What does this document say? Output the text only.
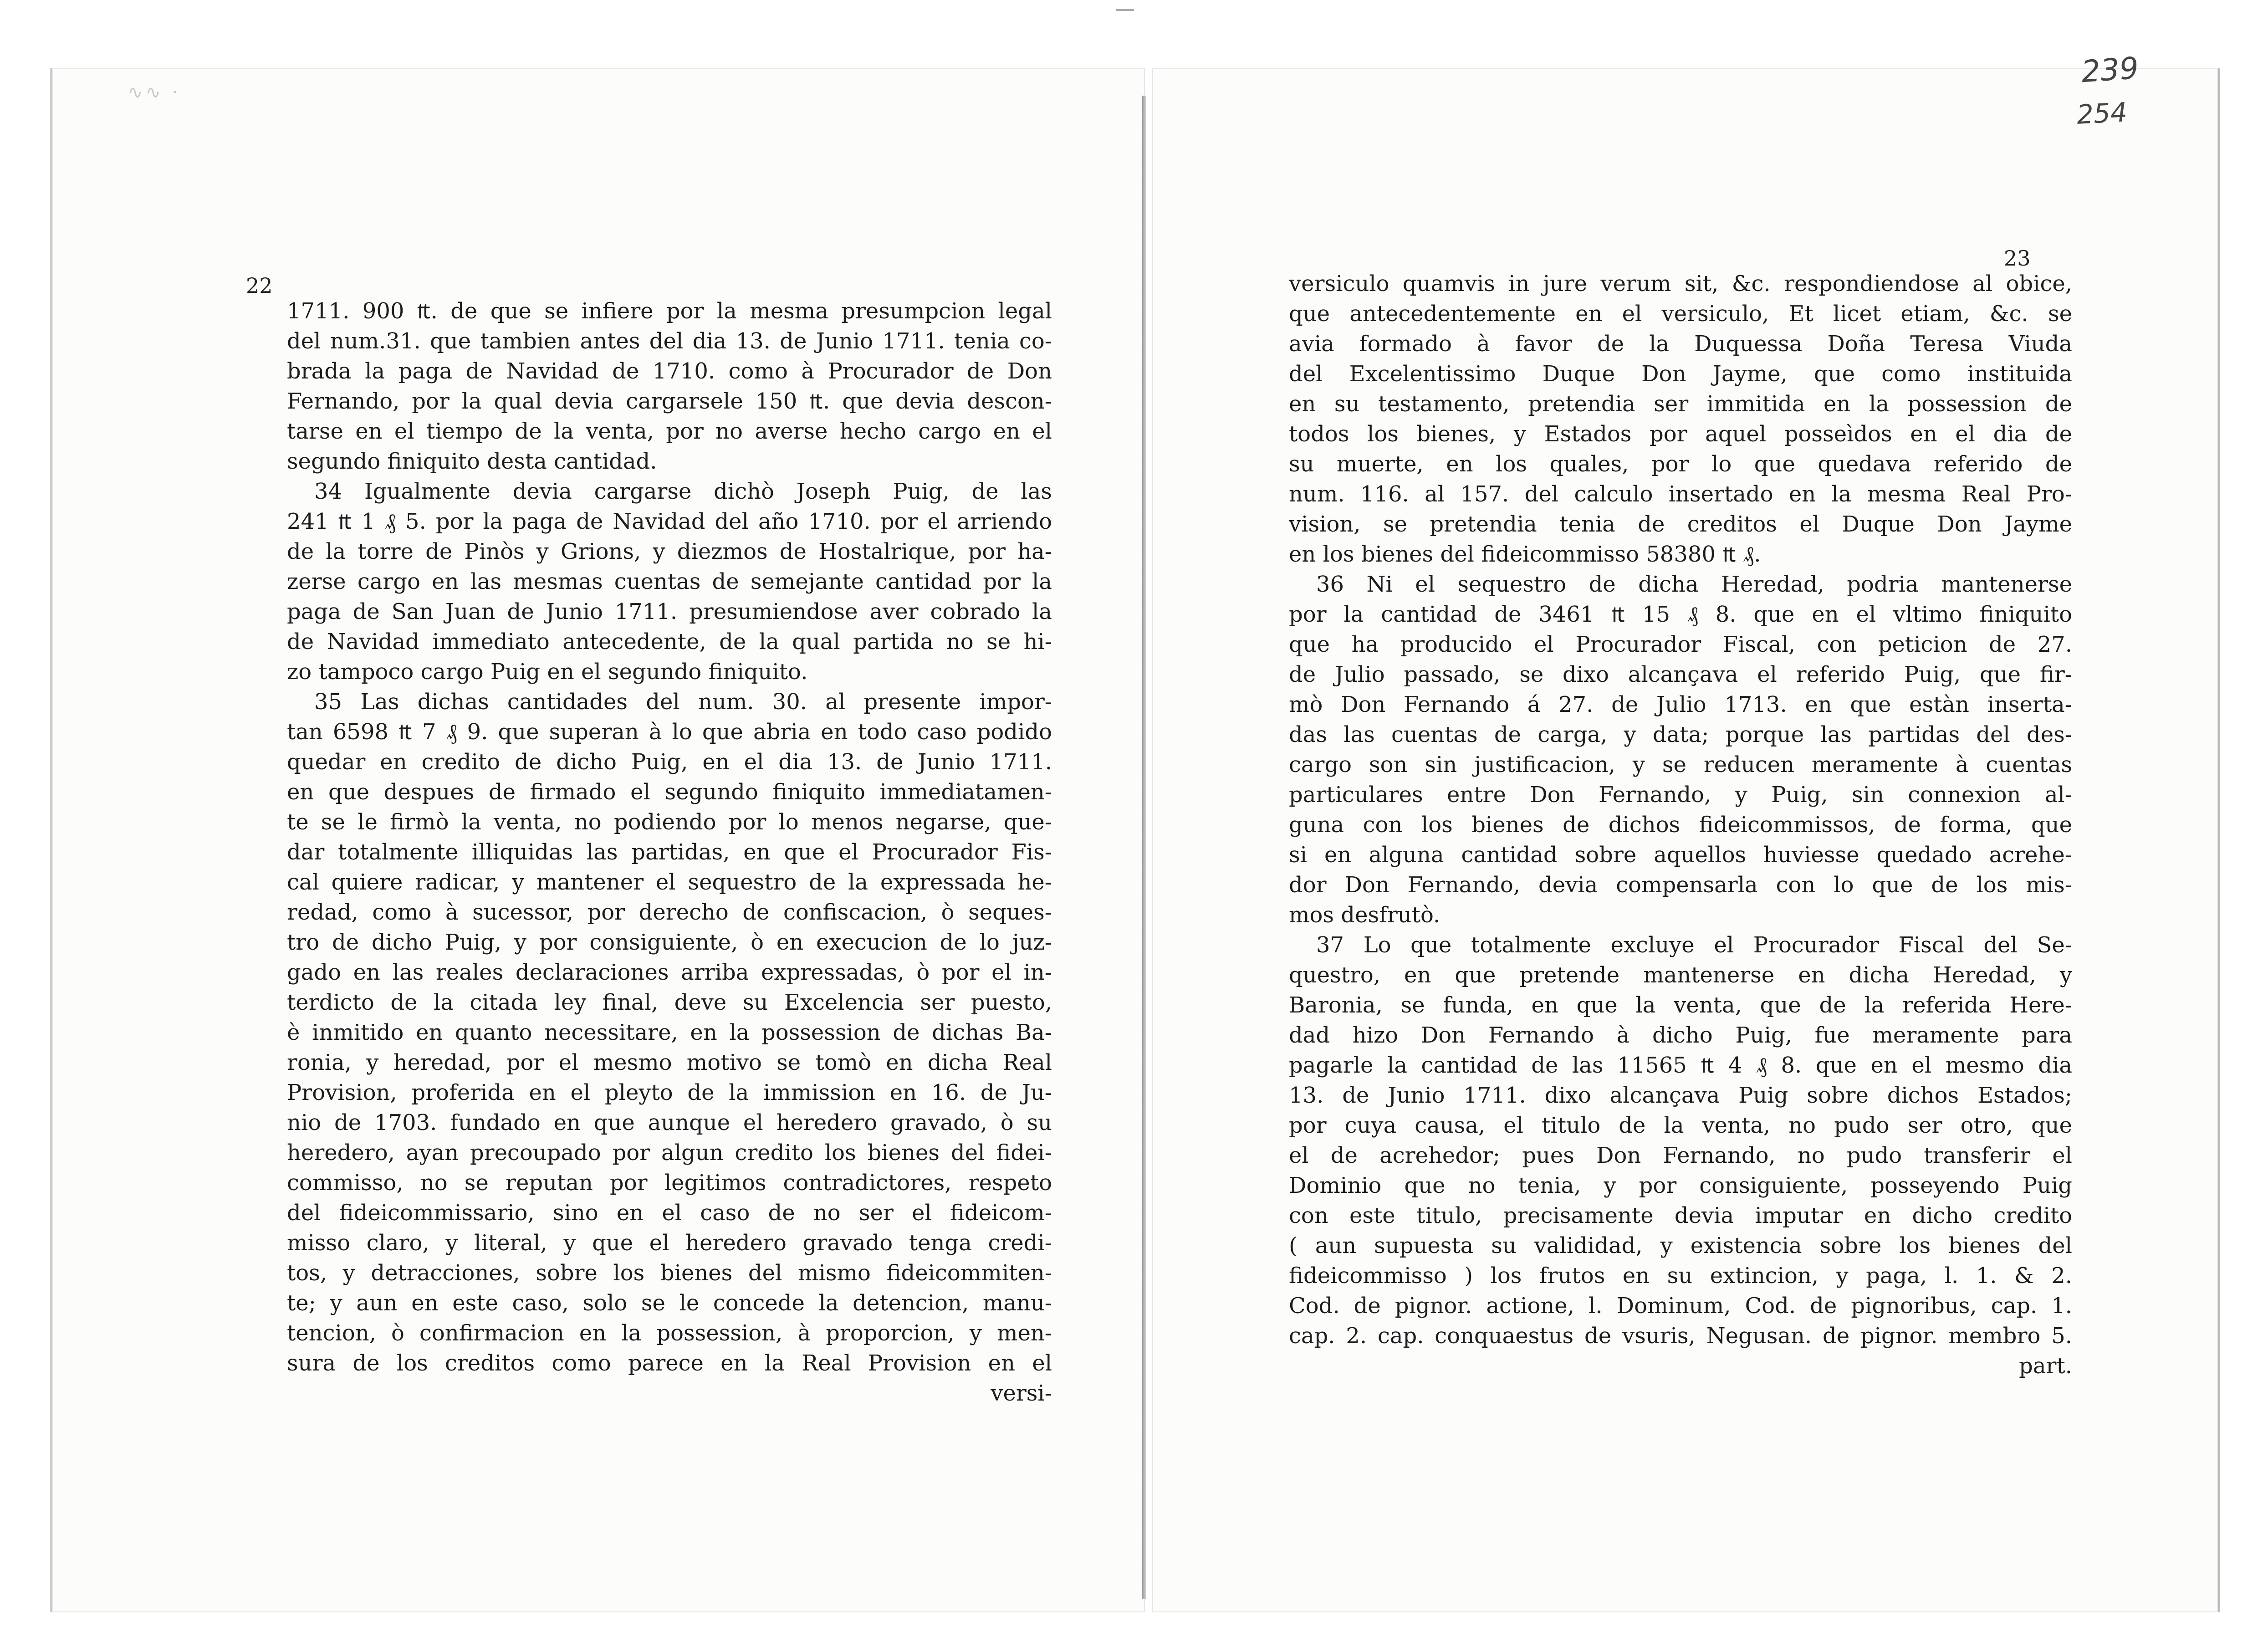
∿∿ ·
239
254
22
23
1711. 900 ₶. de que se infiere por la mesma presumpcion legal
del num.31. que tambien antes del dia 13. de Junio 1711. tenia co-
brada la paga de Navidad de 1710. como à Procurador de Don
Fernando, por la qual devia cargarsele 150 ₶. que devia descon-
tarse en el tiempo de la venta, por no averse hecho cargo en el
segundo finiquito desta cantidad.
34 Igualmente devia cargarse dichò Joseph Puig, de las
241 ₶ 1 ₰ 5. por la paga de Navidad del año 1710. por el arriendo
de la torre de Pinòs y Grions, y diezmos de Hostalrique, por ha-
zerse cargo en las mesmas cuentas de semejante cantidad por la
paga de San Juan de Junio 1711. presumiendose aver cobrado la
de Navidad immediato antecedente, de la qual partida no se hi-
zo tampoco cargo Puig en el segundo finiquito.
35 Las dichas cantidades del num. 30. al presente impor-
tan 6598 ₶ 7 ₰ 9. que superan à lo que abria en todo caso podido
quedar en credito de dicho Puig, en el dia 13. de Junio 1711.
en que despues de firmado el segundo finiquito immediatamen-
te se le firmò la venta, no podiendo por lo menos negarse, que-
dar totalmente illiquidas las partidas, en que el Procurador Fis-
cal quiere radicar, y mantener el sequestro de la expressada he-
redad, como à sucessor, por derecho de confiscacion, ò seques-
tro de dicho Puig, y por consiguiente, ò en execucion de lo juz-
gado en las reales declaraciones arriba expressadas, ò por el in-
terdicto de la citada ley final, deve su Excelencia ser puesto,
è inmitido en quanto necessitare, en la possession de dichas Ba-
ronia, y heredad, por el mesmo motivo se tomò en dicha Real
Provision, proferida en el pleyto de la immission en 16. de Ju-
nio de 1703. fundado en que aunque el heredero gravado, ò su
heredero, ayan precoupado por algun credito los bienes del fidei-
commisso, no se reputan por legitimos contradictores, respeto
del fideicommissario, sino en el caso de no ser el fideicom-
misso claro, y literal, y que el heredero gravado tenga credi-
tos, y detracciones, sobre los bienes del mismo fideicommiten-
te; y aun en este caso, solo se le concede la detencion, manu-
tencion, ò confirmacion en la possession, à proporcion, y men-
sura de los creditos como parece en la Real Provision en el
versi-
versiculo quamvis in jure verum sit, &c. respondiendose al obice,
que antecedentemente en el versiculo, Et licet etiam, &c. se
avia formado à favor de la Duquessa Doña Teresa Viuda
del Excelentissimo Duque Don Jayme, que como instituida
en su testamento, pretendia ser immitida en la possession de
todos los bienes, y Estados por aquel posseìdos en el dia de
su muerte, en los quales, por lo que quedava referido de
num. 116. al 157. del calculo insertado en la mesma Real Pro-
vision, se pretendia tenia de creditos el Duque Don Jayme
en los bienes del fideicommisso 58380 ₶ ₰.
36 Ni el sequestro de dicha Heredad, podria mantenerse
por la cantidad de 3461 ₶ 15 ₰ 8. que en el vltimo finiquito
que ha producido el Procurador Fiscal, con peticion de 27.
de Julio passado, se dixo alcançava el referido Puig, que fir-
mò Don Fernando á 27. de Julio 1713. en que estàn inserta-
das las cuentas de carga, y data; porque las partidas del des-
cargo son sin justificacion, y se reducen meramente à cuentas
particulares entre Don Fernando, y Puig, sin connexion al-
guna con los bienes de dichos fideicommissos, de forma, que
si en alguna cantidad sobre aquellos huviesse quedado acrehe-
dor Don Fernando, devia compensarla con lo que de los mis-
mos desfrutò.
37 Lo que totalmente excluye el Procurador Fiscal del Se-
questro, en que pretende mantenerse en dicha Heredad, y
Baronia, se funda, en que la venta, que de la referida Here-
dad hizo Don Fernando à dicho Puig, fue meramente para
pagarle la cantidad de las 11565 ₶ 4 ₰ 8. que en el mesmo dia
13. de Junio 1711. dixo alcançava Puig sobre dichos Estados;
por cuya causa, el titulo de la venta, no pudo ser otro, que
el de acrehedor; pues Don Fernando, no pudo transferir el
Dominio que no tenia, y por consiguiente, posseyendo Puig
con este titulo, precisamente devia imputar en dicho credito
( aun supuesta su valididad, y existencia sobre los bienes del
fideicommisso ) los frutos en su extincion, y paga, l. 1. & 2.
Cod. de pignor. actione, l. Dominum, Cod. de pignoribus, cap. 1.
cap. 2. cap. conquaestus de vsuris, Negusan. de pignor. membro 5.
part.
